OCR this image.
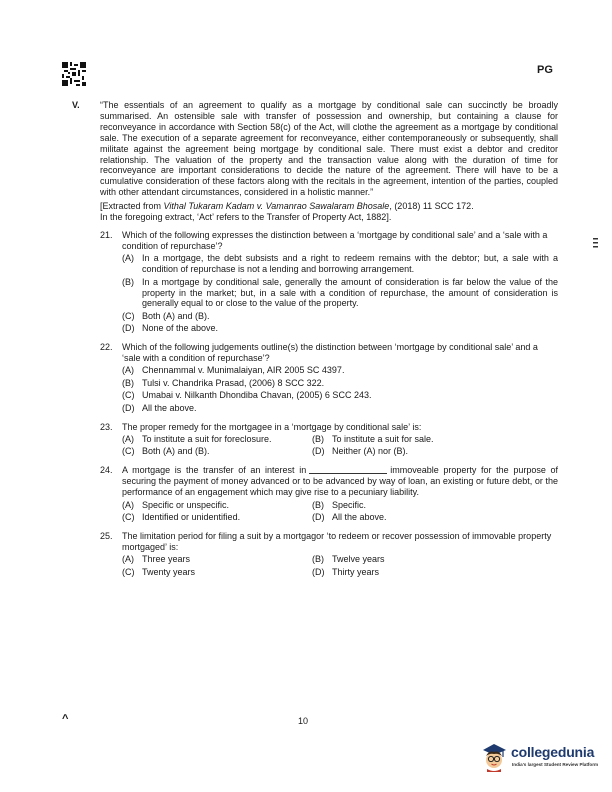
PG
V.	“The essentials of an agreement to qualify as a mortgage by conditional sale can succinctly be broadly summarised. An ostensible sale with transfer of possession and ownership, but containing a clause for reconveyance in accordance with Section 58(c) of the Act, will clothe the agreement as a mortgage by conditional sale. The execution of a separate agreement for reconveyance, either contemporaneously or subsequently, shall militate against the agreement being mortgage by conditional sale. There must exist a debtor and creditor relationship. The valuation of the property and the transaction value along with the duration of time for reconveyance are important considerations to decide the nature of the agreement. There will have to be a cumulative consideration of these factors along with the recitals in the agreement, intention of the parties, coupled with other attendant circumstances, considered in a holistic manner.”
[Extracted from Vithal Tukaram Kadam v. Vamanrao Sawalaram Bhosale, (2018) 11 SCC 172.
In the foregoing extract, ‘Act’ refers to the Transfer of Property Act, 1882].
21.	Which of the following expresses the distinction between a ‘mortgage by conditional sale’ and a ‘sale with a condition of repurchase’?
(A) In a mortgage, the debt subsists and a right to redeem remains with the debtor; but, a sale with a condition of repurchase is not a lending and borrowing arrangement.
(B) In a mortgage by conditional sale, generally the amount of consideration is far below the value of the property in the market; but, in a sale with a condition of repurchase, the amount of consideration is generally equal to or close to the value of the property.
(C) Both (A) and (B).
(D) None of the above.
22.	Which of the following judgements outline(s) the distinction between ‘mortgage by conditional sale’ and a ‘sale with a condition of repurchase’?
(A) Chennammal v. Munimalaiyan, AIR 2005 SC 4397.
(B) Tulsi v. Chandrika Prasad, (2006) 8 SCC 322.
(C) Umabai v. Nilkanth Dhondiba Chavan, (2005) 6 SCC 243.
(D) All the above.
23.	The proper remedy for the mortgagee in a ‘mortgage by conditional sale’ is:
(A) To institute a suit for foreclosure.	(B) To institute a suit for sale.
(C) Both (A) and (B).	(D) Neither (A) nor (B).
24.	A mortgage is the transfer of an interest in	immoveable property for the purpose of securing the payment of money advanced or to be advanced by way of loan, an existing or future debt, or the performance of an engagement which may give rise to a pecuniary liability.
(A) Specific or unspecific.	(B) Specific.
(C) Identified or unidentified.	(D) All the above.
25.	The limitation period for filing a suit by a mortgagor ‘to redeem or recover possession of immovable property mortgaged’ is:
(A) Three years	(B) Twelve years
(C) Twenty years	(D) Thirty years
^	10
collegedunia
India's largest Student Review Platform
